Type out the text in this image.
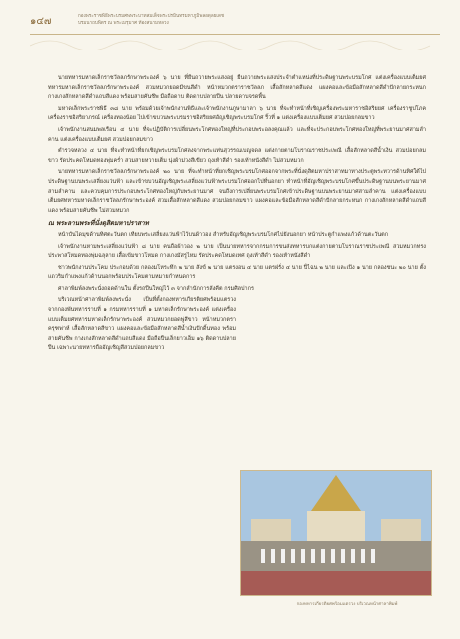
๑๔๗	กองพระราชพิธีพระบรมศพพระบาทสมเด็จพระปรมินทรมหาภูมิพลอดุลยเดช
บรมนาถบพิตร ณ พระเมรุมาศ ท้องสนามหลวง

นายทหารมหาดเล็กราชวัลลภรักษาพระองค์ ๖ นาย ที่ยืนถวายพระแสงอยู่ ยืนถวายพระแสงประจำตำแหน่งที่ประดิษฐานพระบรมโกศ แต่งเครื่องแบบเต็มยศทหารมหาดเล็กราชวัลลภรักษาพระองค์ สวมหมวกยอดมีขนสีดำ หน้าหมวกตราราชวัลลภ เสื้อสักหลาดสีแดง แผงคอและข้อมือสักหลาดสีดำปักลายกระหนก กางเกงสักหลาดสีดำแถบสีแดง พร้อมสายคันชีพ มือถือดาบ ติดดาบปลายปืน ปลายดาบจรดพื้น

มหาดเล็กพระราชพิธี ๓๘ นาย พร้อมด้วยเจ้าพนักงานพิธีและเจ้าพนักงานภูษามาลา ๖ นาย ที่จะทำหน้าที่เชิญเครื่องพระมหาราชอิสริยยศ เครื่องราชูปโภค เครื่องราชอิสริยาภรณ์ เครื่องทองน้อย ไปเข้าขบวนพระบรมราชอิสริยยศอัญเชิญพระบรมโกศ ริ้วที่ ๑ แต่งเครื่องแบบเต็มยศ สวมปอยกลมขาว

เจ้าพนักงานสนมพลเรือน ๔ นาย ที่จะปฏิบัติการเปลี่ยนพระโกศทองใหญ่ที่ประกอบพระอลงคุณแล้ว และที่จะประกอบพระโกศทองใหญ่ที่พระยานมาศสามลำคาน แต่งเครื่องแบบเต็มยศ สวมปอยกลมขาว

ตำรวจหลวง ๔ นาย ที่จะทำหน้าที่ยกเชิญพระบรมโกศลงจากพระแท่นสุวรรณเบญจดล แต่งกายตามโบราณราชประเพณี เสื้อสักหลาดสีน้ำเงิน สวมปอยกลมขาว รัดประคดโหมดทองพุ่มคร่ำ สวมสายหวายเต็ม นุ่งผ้าม่วงสีเขียว ถุงเท้าสีดำ รองเท้าหนังสีดำ ไม่สวมหมวก

นายทหารมหาดเล็กราชวัลลภรักษาพระองค์ ๒๐ นาย ที่จะทำหน้าที่ยกเชิญพระบรมโกศออกจากพระที่นั่งดุสิตมหาปราสาทมาทางประตูพระทวารด้านทิศใต้ไปประดิษฐานบนพระเสลี่ยงแว่นฟ้า และเข้าขบวนอัญเชิญพระเสลี่ยงแว่นฟ้าพระบรมโกศออกไปที่นอกยา ทำหน้าที่อัญเชิญพระบรมโกศขึ้นประดิษฐานบนพระยานมาศสามลำคาน และควบคุมการประกอบพระโกศทองใหญ่กับพระยานมาศ จนถึงการเปลี่ยนพระบรมโกศเข้าประดิษฐานบนพระยานมาศสามลำคาน แต่งเครื่องแบบเต็มยศทหารมหาดเล็กราชวัลลภรักษาพระองค์ สวมเสื้อสักหลาดสีแดง สวมปอยกลมขาว แผงคอและข้อมือสักหลาดสีดำปักลายกระหนก กางเกงสักหลาดสีดำแถบสีแดง พร้อมสายคันชีพ ไม่สวมหมวก

ณ พระลานพระที่นั่งดุสิตมหาปราสาท

หน้าบันไดมุขด้านทิศตะวันตก เทียบพระเสลี่ยงแว่นฟ้าไว้บนผ้าวอง สำหรับอัญเชิญพระบรมโกศไปยังนอกยา หน้าประตูกำแพงแก้วด้านตะวันตก

เจ้าพนักงานหามพระเสลี่ยงแว่นฟ้า ๘ นาย คนถือผ้าวอง ๒ นาย เป็นนายทหารจากกรมการขนส่งทหารบกแต่งกายตามโบราณราชประเพณี สวมหมวกทรงประพาสโหมดทองพุ่มฉลุลาย เสื้อเข้มขาวโหมด กางเกงมัสรูไหม รัดประคดโหมดเทศ ถุงเท้าสีดำ รองเท้าหนังสีดำ

ชาวพนักงานประโคม ประกอบด้วย กลองมโหระทึก ๒ นาย สังข์ ๒ นาย แตรงอน ๔ นาย แตรฝรั่ง ๔ นาย ปี่ไฉน ๒ นาย และเปิง ๑ นาย กลองชนะ ๒๐ นาย ตั้งแถวริมกำแพงแก้วด้านนอกพร้อมประโคมตามหมายกำหนดการ

ศาลาพิมพ์ลงพระนั่งถอดด้านใน ตั้งรถปืนใหญ่ไว้ ๓ จากลำนักการลังคีต กรมศิลปากร

บริเวณหน้าศาลาพิมพ์ลงพระนั่ง เป็นที่ตั้งกองทหารเกียรติยศพร้อมแตรวง จากกองพันทหารราบที่ ๑ กรมทหารราบที่ ๑ มหาดเล็กรักษาพระองค์ แต่งเครื่องแบบเต็มยศทหารมหาดเล็กรักษาพระองค์ สวมหมวกยอดพู่สีขาว หน้าหมวกตราครุฑพ่าห์ เสื้อสักหลาดสีขาว แผงคอและข้อมือสักหลาดสีน้ำเงินปักดิ้นทอง พร้อมสายคันชีพ กางเกงสักหลาดสีดำแถบสีแดง มือถือปืนเล็กยาวเอ็ม ๑๖ ติดดาบปลายปืน เฉพาะนายทหารถืออัญเชิญสีสวมปอยกลมขาว

กองทหารเกียรติยศพร้อมแตรวง บริเวณหน้าศาลาพิมพ์
